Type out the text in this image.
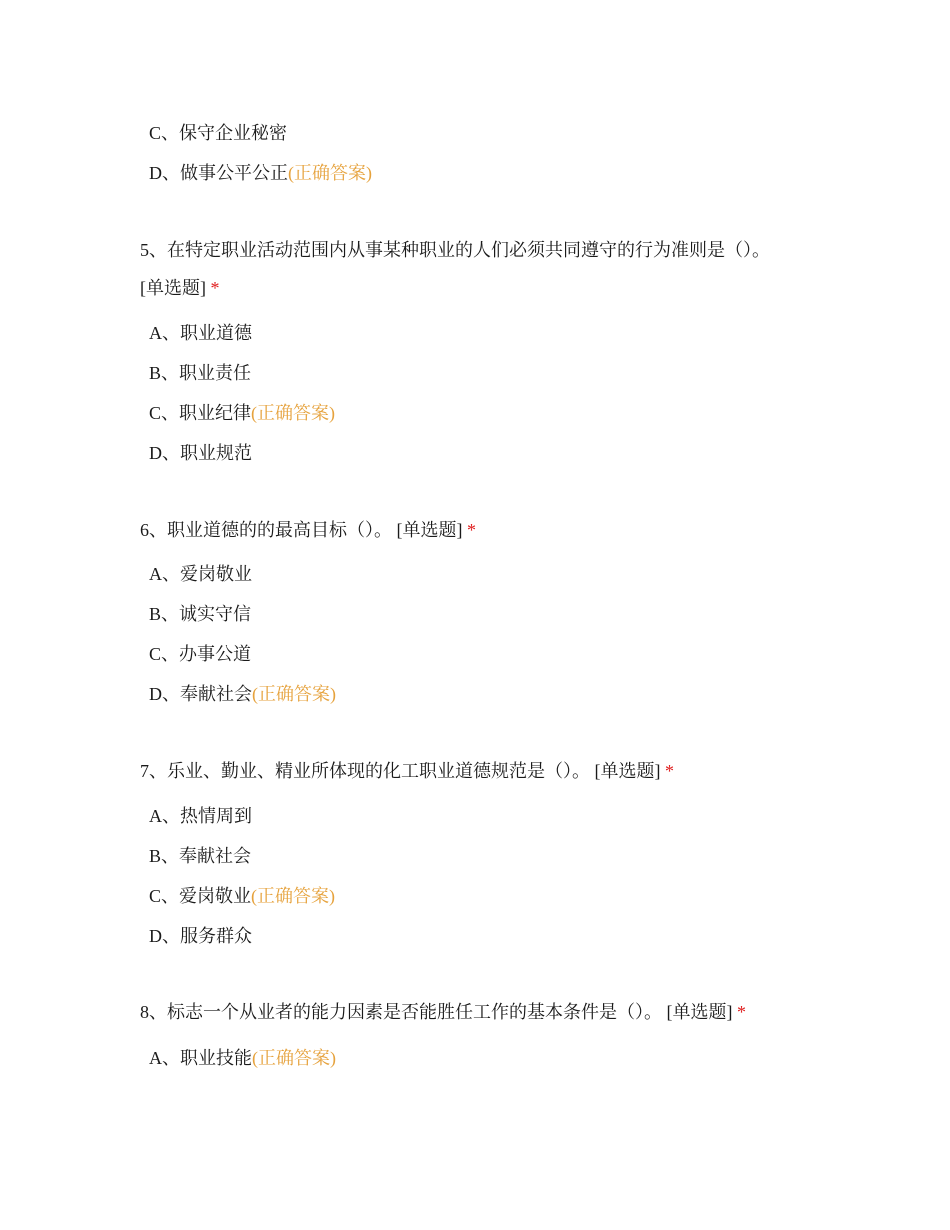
C、保守企业秘密
D、做事公平公正(正确答案)
5、在特定职业活动范围内从事某种职业的人们必须共同遵守的行为准则是（）。
[单选题] *
A、职业道德
B、职业责任
C、职业纪律(正确答案)
D、职业规范
6、职业道德的的最高目标（）。 [单选题] *
A、爱岗敬业
B、诚实守信
C、办事公道
D、奉献社会(正确答案)
7、乐业、勤业、精业所体现的化工职业道德规范是（）。 [单选题] *
A、热情周到
B、奉献社会
C、爱岗敬业(正确答案)
D、服务群众
8、标志一个从业者的能力因素是否能胜任工作的基本条件是（）。 [单选题] *
A、职业技能(正确答案)
